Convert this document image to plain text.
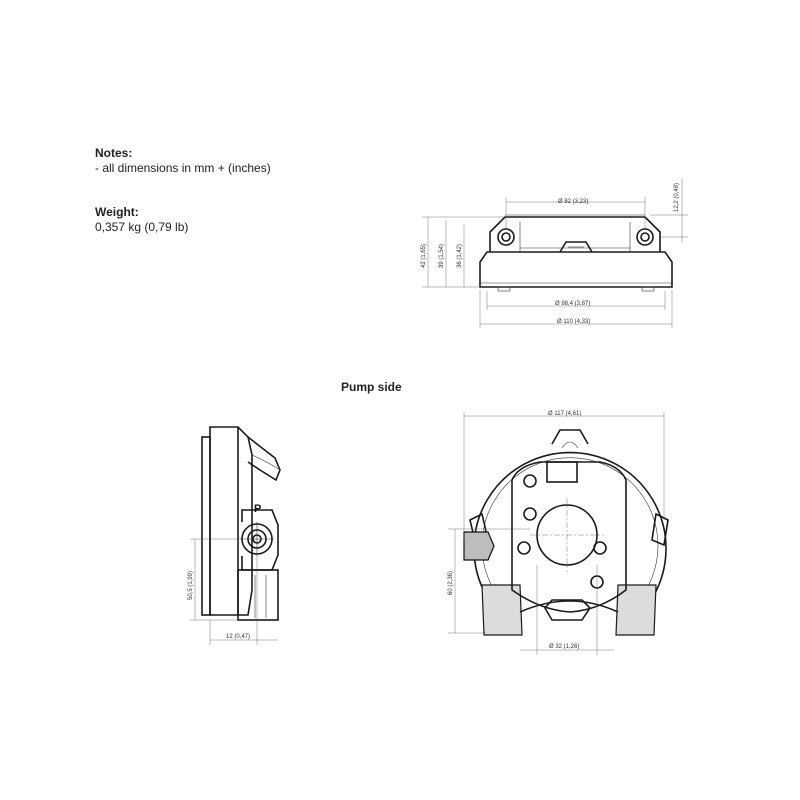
Notes:
- all dimensions in mm + (inches)
Weight:
0,357 kg (0,79 lb)
Pump side
Ø 82 (3,23)	12,2 (0,48)
42 (1,65) 39 (1,54) 36 (1,42)
Ø 98,4 (3,87)
Ø 110 (4,33)
P
50,5 (1,99)
12 (0,47)
Ø 117 (4,61)
60 (2,36)
Ø 32 (1,26)
